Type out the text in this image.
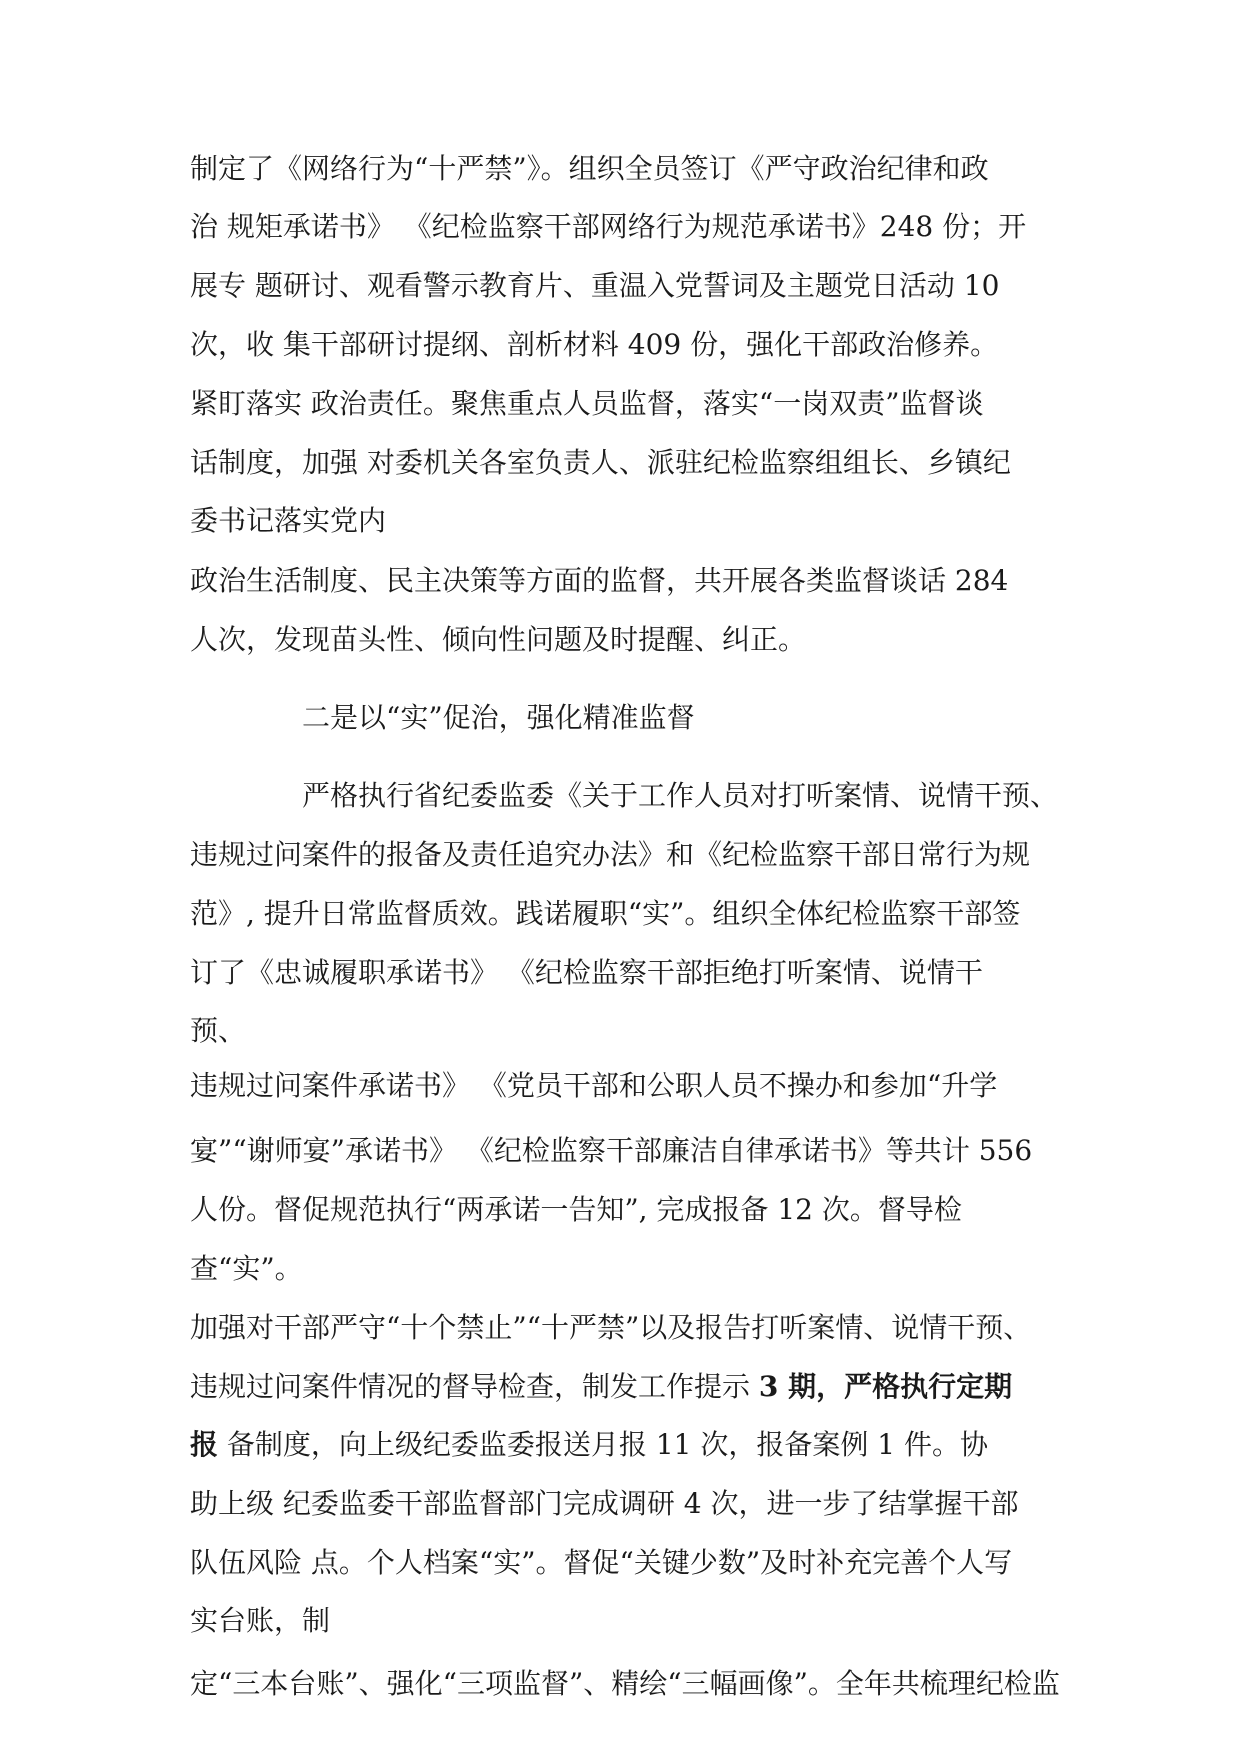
制定了《网络行为“十严禁”》。组织全员签订《严守政治纪律和政

治 规矩承诺书》 《纪检监察干部网络行为规范承诺书》248 份；开

展专 题研讨、观看警示教育片、重温入党誓词及主题党日活动 10

次，收 集干部研讨提纲、剖析材料 409 份，强化干部政治修养。

紧盯落实 政治责任。聚焦重点人员监督，落实“一岗双责”监督谈

话制度，加强 对委机关各室负责人、派驻纪检监察组组长、乡镇纪

委书记落实党内

政治生活制度、民主决策等方面的监督，共开展各类监督谈话 284

人次，发现苗头性、倾向性问题及时提醒、纠正。

二是以“实”促治，强化精准监督

严格执行省纪委监委《关于工作人员对打听案情、说情干预、

违规过问案件的报备及责任追究办法》和《纪检监察干部日常行为规

范》, 提升日常监督质效。践诺履职“实”。组织全体纪检监察干部签

订了《忠诚履职承诺书》 《纪检监察干部拒绝打听案情、说情干

预、

违规过问案件承诺书》 《党员干部和公职人员不操办和参加“升学

宴”“谢师宴”承诺书》 《纪检监察干部廉洁自律承诺书》等共计 556

人份。督促规范执行“两承诺一告知”, 完成报备 12 次。督导检

查“实”。

加强对干部严守“十个禁止”“十严禁”以及报告打听案情、说情干预、

违规过问案件情况的督导检查，制发工作提示 3 期，严格执行定期

报 备制度，向上级纪委监委报送月报 11 次，报备案例 1 件。协

助上级 纪委监委干部监督部门完成调研 4 次，进一步了结掌握干部

队伍风险 点。个人档案“实”。督促“关键少数”及时补充完善个人写

实台账，制

定“三本台账”、强化“三项监督”、精绘“三幅画像”。全年共梳理纪检监
